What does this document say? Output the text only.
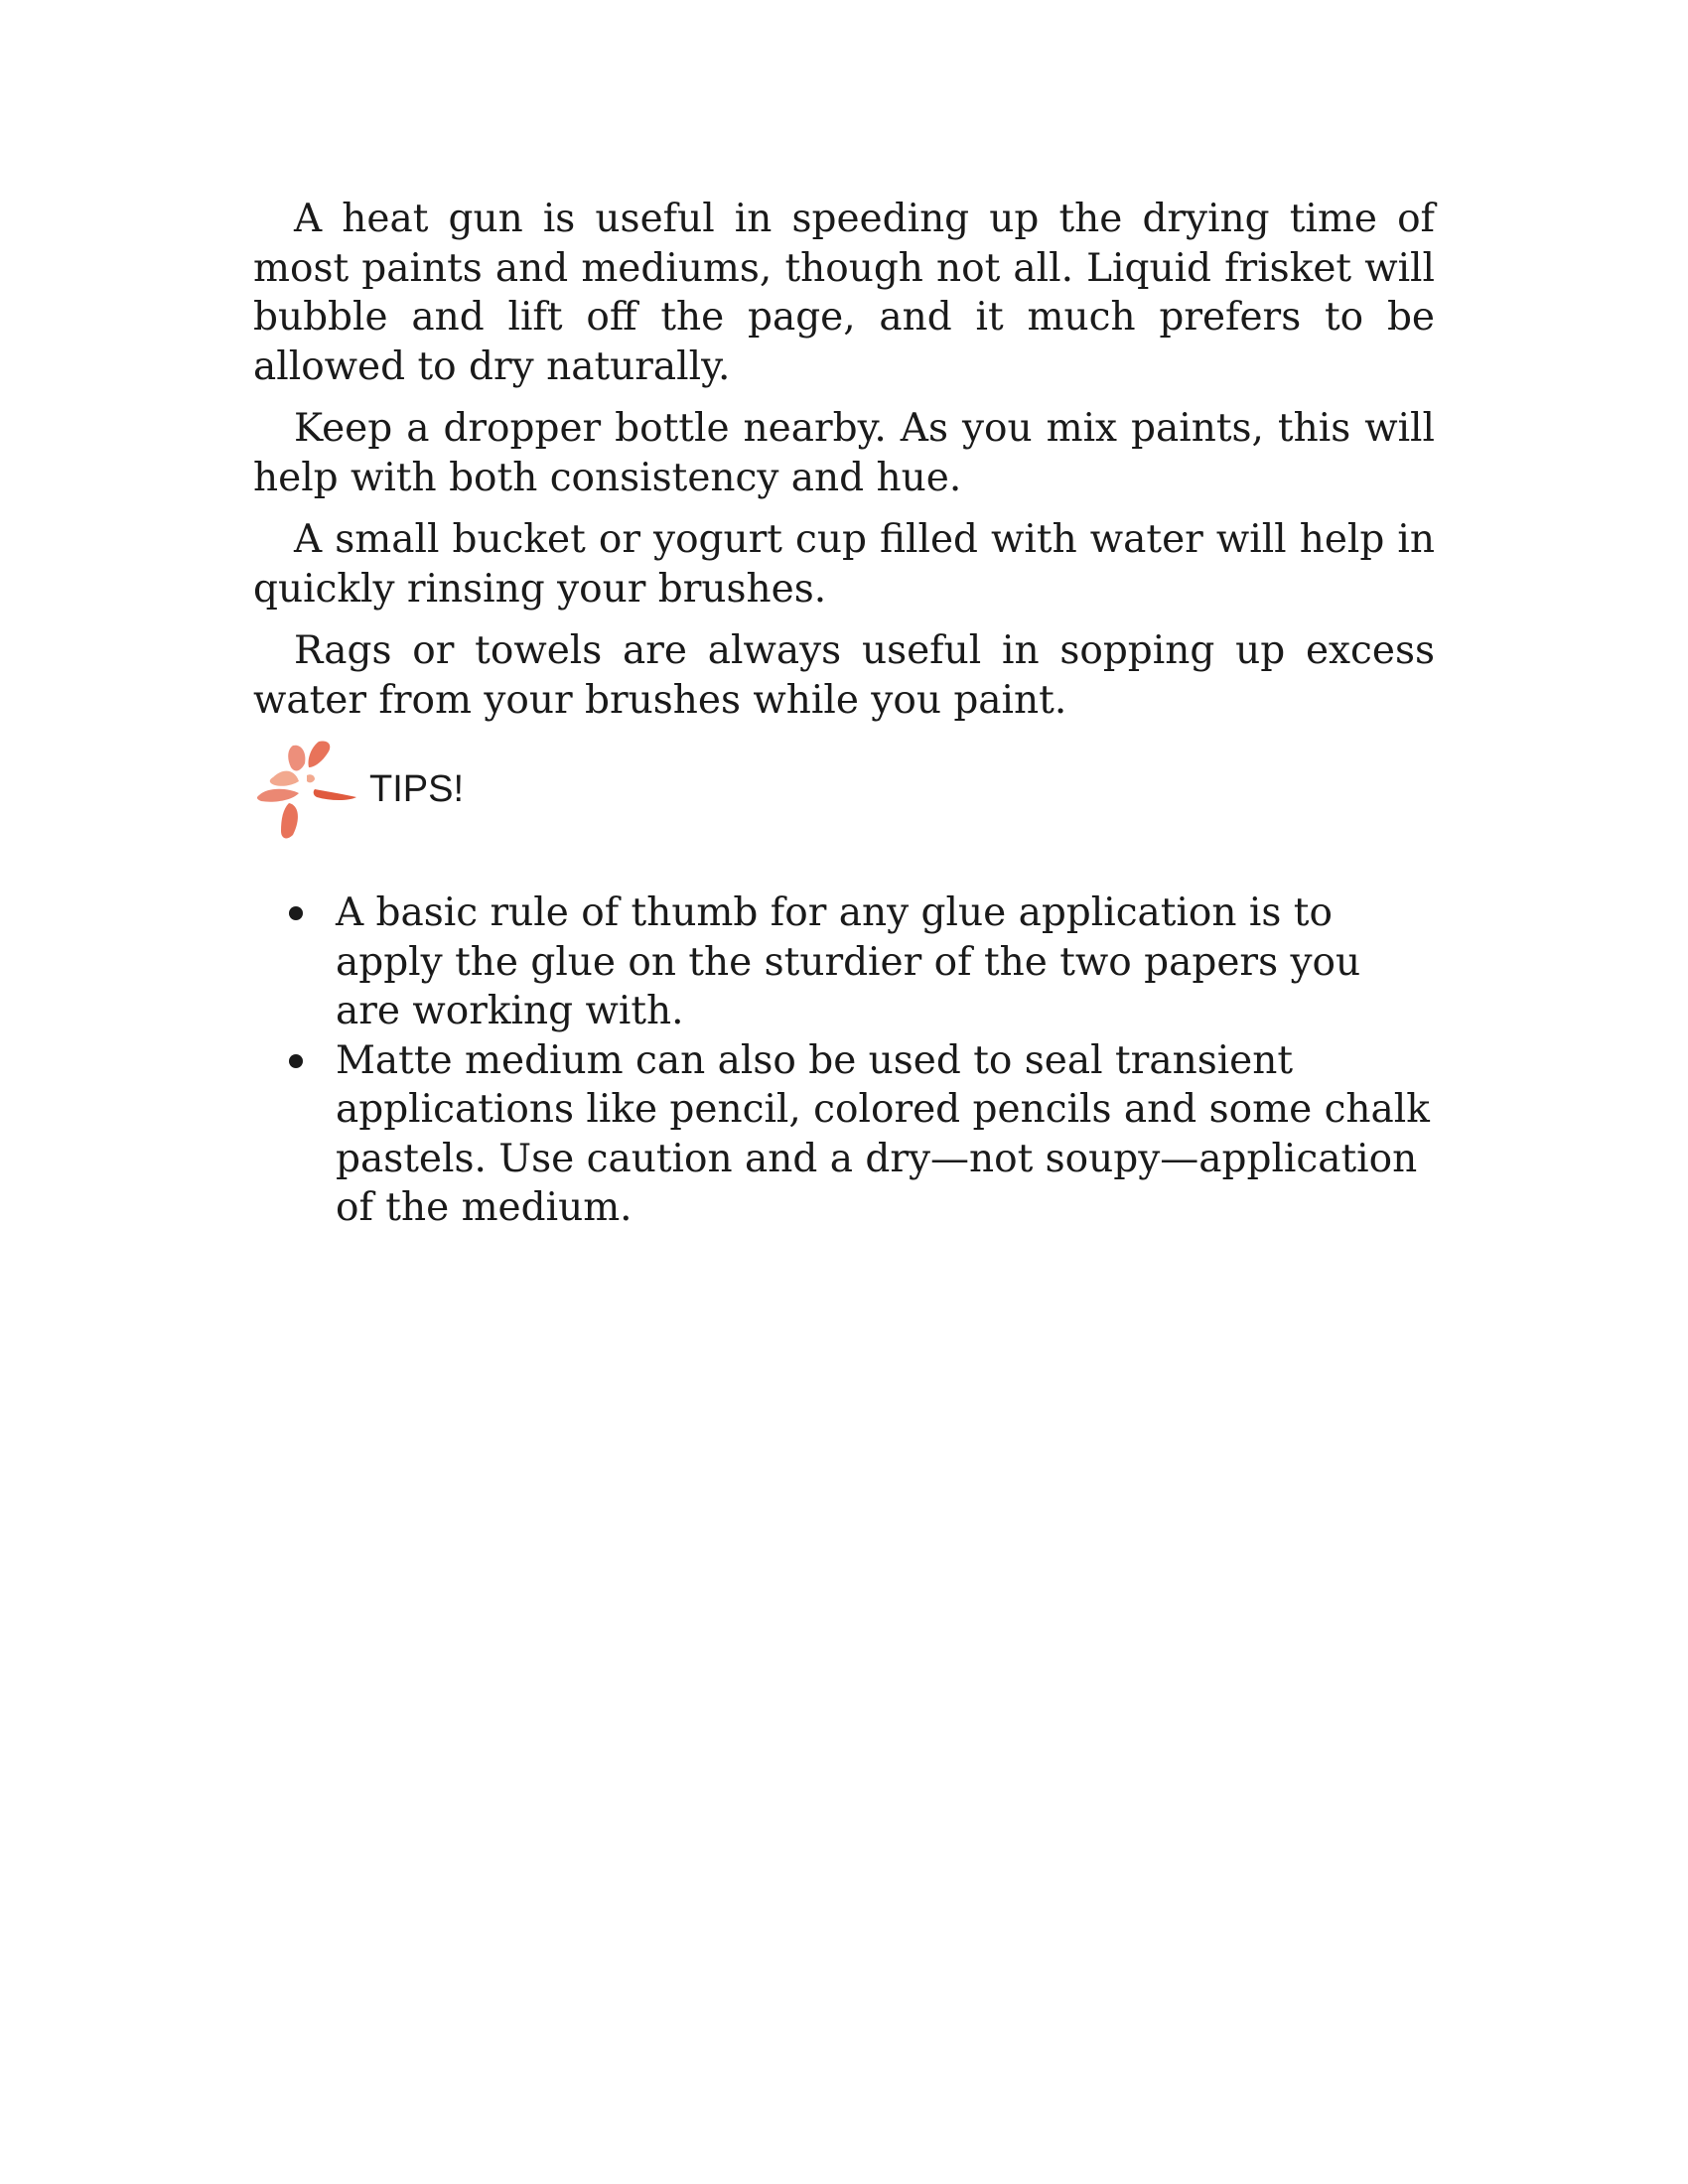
A heat gun is useful in speeding up the drying time of most paints and mediums, though not all. Liquid frisket will bubble and lift off the page, and it much prefers to be allowed to dry naturally.

Keep a dropper bottle nearby. As you mix paints, this will help with both consistency and hue.

A small bucket or yogurt cup filled with water will help in quickly rinsing your brushes.

Rags or towels are always useful in sopping up excess water from your brushes while you paint.

TIPS!
A basic rule of thumb for any glue application is to apply the glue on the sturdier of the two papers you are working with.
Matte medium can also be used to seal transient applications like pencil, colored pencils and some chalk pastels. Use caution and a dry—not soupy—application of the medium.
